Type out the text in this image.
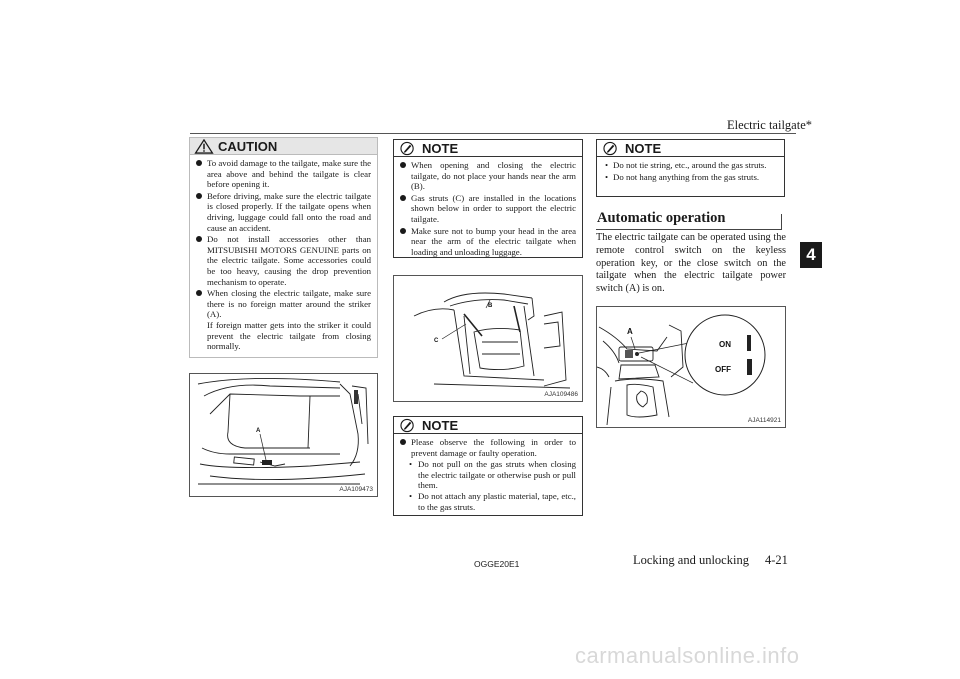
Electric tailgate*
4
CAUTION
To avoid damage to the tailgate, make sure the area above and behind the tailgate is clear before opening it.
Before driving, make sure the electric tailgate is closed properly. If the tailgate opens when driving, luggage could fall onto the road and cause an accident.
Do not install accessories other than MITSUBISHI MOTORS GENUINE parts on the electric tailgate. Some accessories could be too heavy, causing the drop prevention mechanism to operate.
When closing the electric tailgate, make sure there is no foreign matter around the striker (A).
If foreign matter gets into the striker it could prevent the electric tailgate from closing normally.
A
AJA109473
NOTE
When opening and closing the electric tailgate, do not place your hands near the arm (B).
Gas struts (C) are installed in the locations shown below in order to support the electric tailgate.
Make sure not to bump your head in the area near the arm of the electric tailgate when loading and unloading luggage.
B
C
AJA109486
NOTE
Please observe the following in order to prevent damage or faulty operation.
• Do not pull on the gas struts when closing the electric tailgate or otherwise push or pull them.
• Do not attach any plastic material, tape, etc., to the gas struts.
NOTE
• Do not tie string, etc., around the gas struts.
• Do not hang anything from the gas struts.
Automatic operation
The electric tailgate can be operated using the remote control switch on the keyless operation key, or the close switch on the tailgate when the electric tailgate power switch (A) is on.
A
ON
OFF
AJA114921
OGGE20E1	Locking and unlocking 4-21
carmanualsonline.info
